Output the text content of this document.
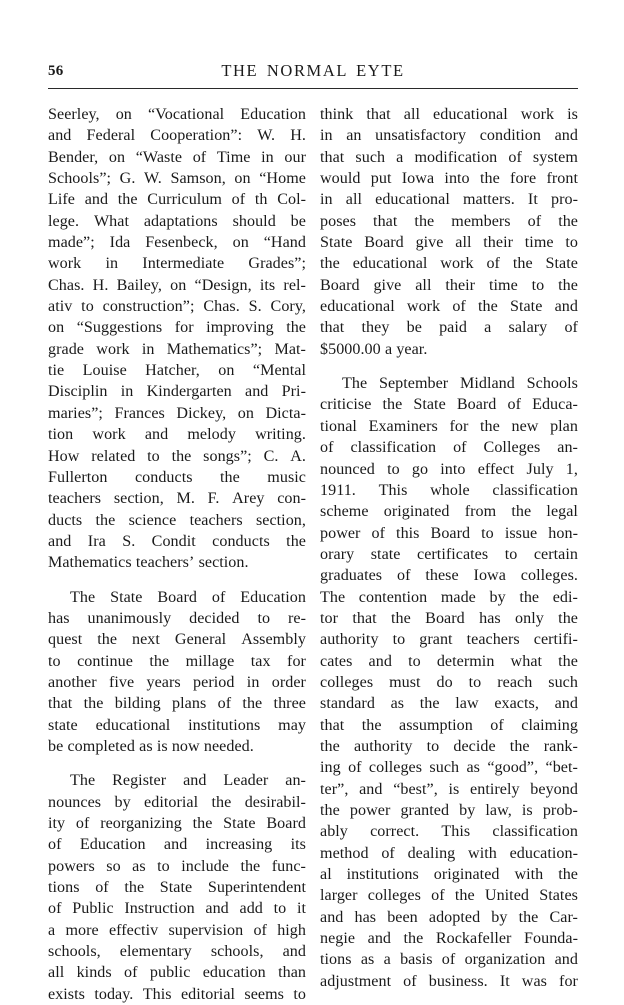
56	THE NORMAL EYTE
Seerley, on “Vocational Education
and Federal Cooperation”: W. H.
Bender, on “Waste of Time in our
Schools”; G. W. Samson, on “Home
Life and the Curriculum of th Col-
lege. What adaptations should be
made”; Ida Fesenbeck, on “Hand
work in Intermediate Grades”;
Chas. H. Bailey, on “Design, its rel-
ativ to construction”; Chas. S. Cory,
on “Suggestions for improving the
grade work in Mathematics”; Mat-
tie Louise Hatcher, on “Mental
Disciplin in Kindergarten and Pri-
maries”; Frances Dickey, on Dicta-
tion work and melody writing.
How related to the songs”; C. A.
Fullerton conducts the music
teachers section, M. F. Arey con-
ducts the science teachers section,
and Ira S. Condit conducts the
Mathematics teachers’ section.
The State Board of Education
has unanimously decided to re-
quest the next General Assembly
to continue the millage tax for
another five years period in order
that the bilding plans of the three
state educational institutions may
be completed as is now needed.
The Register and Leader an-
nounces by editorial the desirabil-
ity of reorganizing the State Board
of Education and increasing its
powers so as to include the func-
tions of the State Superintendent
of Public Instruction and add to it
a more effectiv supervision of high
schools, elementary schools, and
all kinds of public education than
exists today. This editorial seems to
think that all educational work is
in an unsatisfactory condition and
that such a modification of system
would put Iowa into the fore front
in all educational matters. It pro-
poses that the members of the
State Board give all their time to
the educational work of the State
Board give all their time to the
educational work of the State and
that they be paid a salary of
$5000.00 a year.
The September Midland Schools
criticise the State Board of Educa-
tional Examiners for the new plan
of classification of Colleges an-
nounced to go into effect July 1,
1911. This whole classification
scheme originated from the legal
power of this Board to issue hon-
orary state certificates to certain
graduates of these Iowa colleges.
The contention made by the edi-
tor that the Board has only the
authority to grant teachers certifi-
cates and to determin what the
colleges must do to reach such
standard as the law exacts, and
that the assumption of claiming
the authority to decide the rank-
ing of colleges such as “good”, “bet-
ter”, and “best”, is entirely beyond
the power granted by law, is prob-
ably correct. This classification
method of dealing with education-
al institutions originated with the
larger colleges of the United States
and has been adopted by the Car-
negie and the Rockafeller Founda-
tions as a basis of organization and
adjustment of business. It was for
